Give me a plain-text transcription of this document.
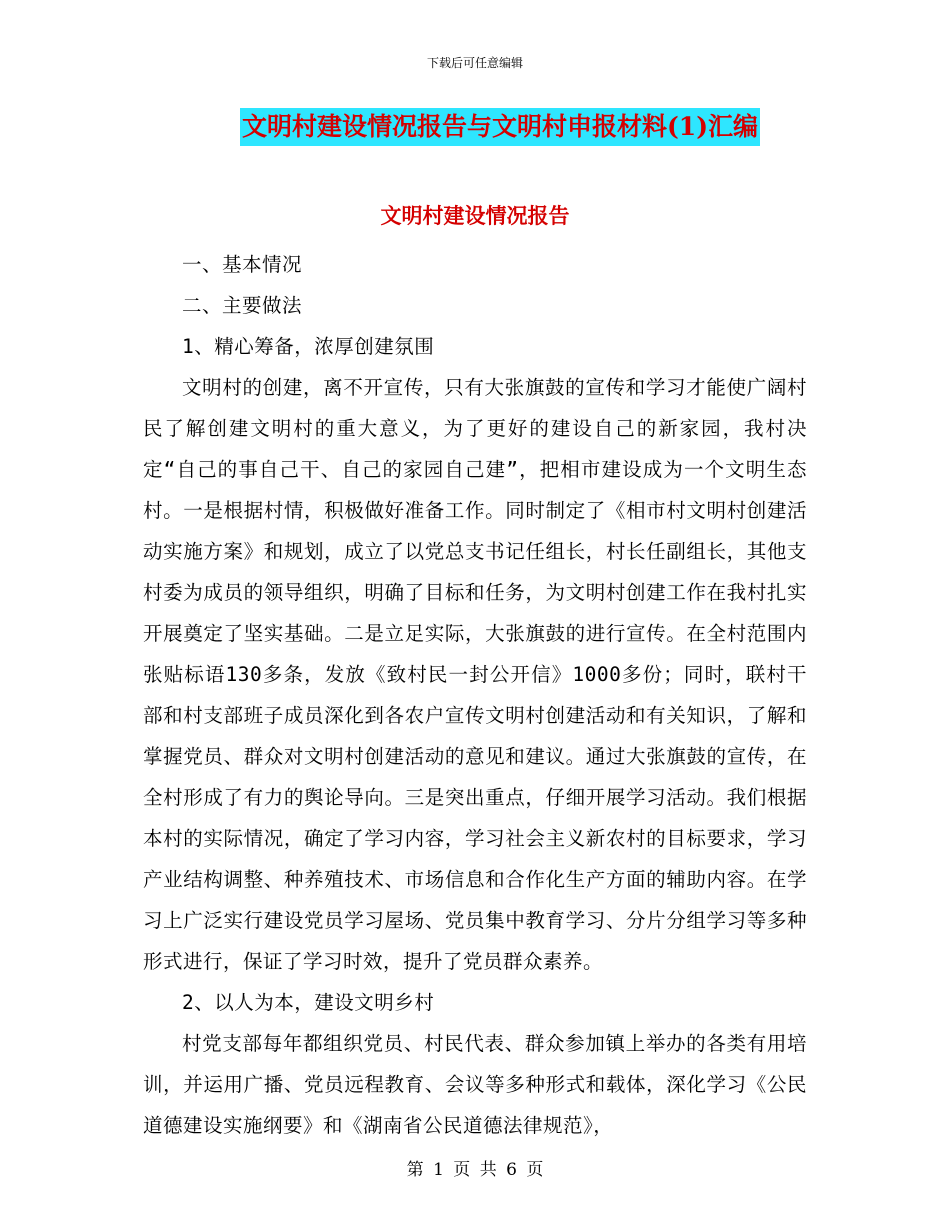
下载后可任意编辑
文明村建设情况报告与文明村申报材料(1)汇编
文明村建设情况报告

一、基本情况

二、主要做法

1、精心筹备，浓厚创建氛围

文明村的创建，离不开宣传，只有大张旗鼓的宣传和学习才能使广阔村民了解创建文明村的重大意义，为了更好的建设自己的新家园，我村决定“自己的事自己干、自己的家园自己建”，把相市建设成为一个文明生态村。一是根据村情，积极做好准备工作。同时制定了《相市村文明村创建活动实施方案》和规划，成立了以党总支书记任组长，村长任副组长，其他支村委为成员的领导组织，明确了目标和任务，为文明村创建工作在我村扎实开展奠定了坚实基础。二是立足实际，大张旗鼓的进行宣传。在全村范围内张贴标语130多条，发放《致村民一封公开信》1000多份；同时，联村干部和村支部班子成员深化到各农户宣传文明村创建活动和有关知识，了解和掌握党员、群众对文明村创建活动的意见和建议。通过大张旗鼓的宣传，在全村形成了有力的舆论导向。三是突出重点，仔细开展学习活动。我们根据本村的实际情况，确定了学习内容，学习社会主义新农村的目标要求，学习产业结构调整、种养殖技术、市场信息和合作化生产方面的辅助内容。在学习上广泛实行建设党员学习屋场、党员集中教育学习、分片分组学习等多种形式进行，保证了学习时效，提升了党员群众素养。

2、以人为本，建设文明乡村

村党支部每年都组织党员、村民代表、群众参加镇上举办的各类有用培训，并运用广播、党员远程教育、会议等多种形式和载体，深化学习《公民道德建设实施纲要》和《湖南省公民道德法律规范》，

第 1 页 共 6 页
